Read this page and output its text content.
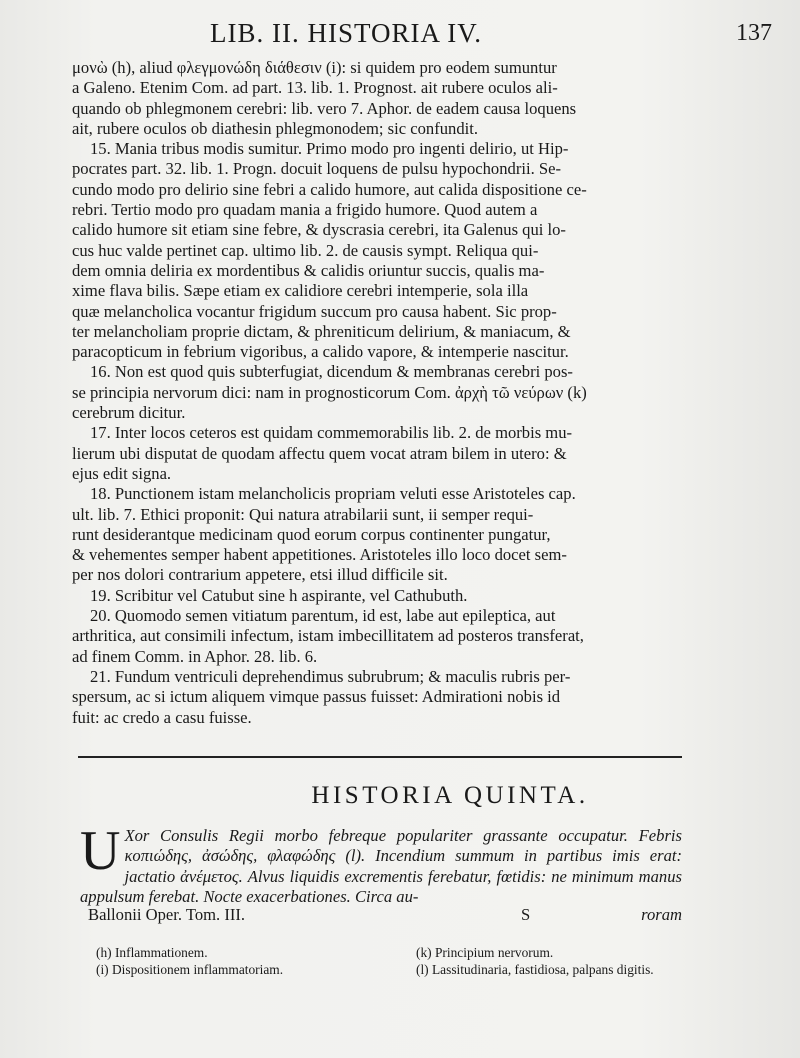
LIB. II. HISTORIA IV.	137

μονὼ (h), aliud φλεγμονώδη διάθεσιν (i): si quidem pro eodem sumuntur

a Galeno. Etenim Com. ad part. 13. lib. 1. Prognost. ait rubere oculos ali-

quando ob phlegmonem cerebri: lib. vero 7. Aphor. de eadem causa loquens

ait, rubere oculos ob diathesin phlegmonodem; sic confundit.

15. Mania tribus modis sumitur. Primo modo pro ingenti delirio, ut Hip-

pocrates part. 32. lib. 1. Progn. docuit loquens de pulsu hypochondrii. Se-

cundo modo pro delirio sine febri a calido humore, aut calida dispositione ce-

rebri. Tertio modo pro quadam mania a frigido humore. Quod autem a

calido humore sit etiam sine febre, & dyscrasia cerebri, ita Galenus qui lo-

cus huc valde pertinet cap. ultimo lib. 2. de causis sympt. Reliqua qui-

dem omnia deliria ex mordentibus & calidis oriuntur succis, qualis ma-

xime flava bilis. Sæpe etiam ex calidiore cerebri intemperie, sola illa

quæ melancholica vocantur frigidum succum pro causa habent. Sic prop-

ter melancholiam proprie dictam, & phreniticum delirium, & maniacum, &

paracopticum in febrium vigoribus, a calido vapore, & intemperie nascitur.

16. Non est quod quis subterfugiat, dicendum & membranas cerebri pos-

se principia nervorum dici: nam in prognosticorum Com. ἀρχὴ τῶ νεύρων (k)

cerebrum dicitur.

17. Inter locos ceteros est quidam commemorabilis lib. 2. de morbis mu-

lierum ubi disputat de quodam affectu quem vocat atram bilem in utero: &

ejus edit signa.

18. Punctionem istam melancholicis propriam veluti esse Aristoteles cap.

ult. lib. 7. Ethici proponit: Qui natura atrabilarii sunt, ii semper requi-

runt desiderantque medicinam quod eorum corpus continenter pungatur,

& vehementes semper habent appetitiones. Aristoteles illo loco docet sem-

per nos dolori contrarium appetere, etsi illud difficile sit.

19. Scribitur vel Catubut sine h aspirante, vel Cathubuth.

20. Quomodo semen vitiatum parentum, id est, labe aut epileptica, aut

arthritica, aut consimili infectum, istam imbecillitatem ad posteros transferat,

ad finem Comm. in Aphor. 28. lib. 6.

21. Fundum ventriculi deprehendimus subrubrum; & maculis rubris per-

spersum, ac si ictum aliquem vimque passus fuisset: Admirationi nobis id

fuit: ac credo a casu fuisse.

HISTORIA QUINTA.
U Xor Consulis Regii morbo febreque populariter grassante occupatur. Febris κοπιώδης, ἀσώδης, φλαφώδης (l). Incendium summum in partibus imis erat: jactatio ἀνέμετος. Alvus liquidis excrementis ferebatur, fœtidis: ne minimum manus appulsum ferebat. Nocte exacerbationes. Circa au-
Ballonii Oper. Tom. III.	S	roram
(h) Inflammationem.
(i) Dispositionem inflammatoriam.
(k) Principium nervorum.
(l) Lassitudinaria, fastidiosa, palpans digitis.
